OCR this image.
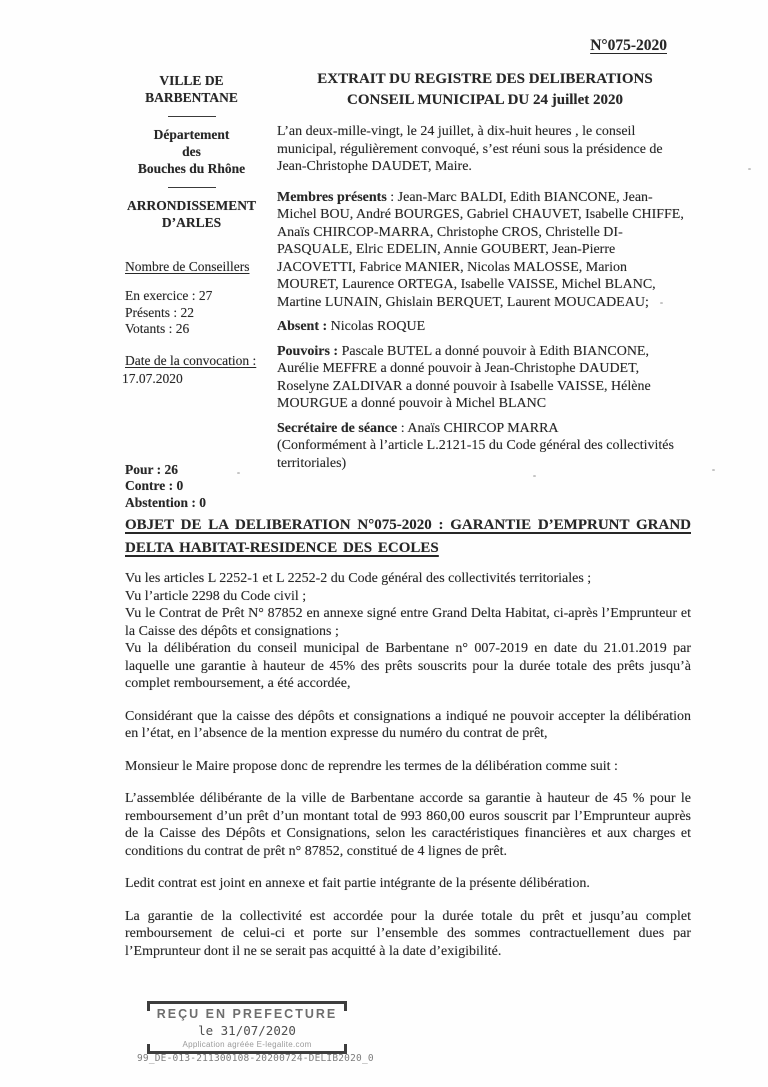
N°075-2020
EXTRAIT DU REGISTRE DES DELIBERATIONS
CONSEIL MUNICIPAL DU 24 juillet 2020
VILLE DE
BARBENTANE
Département
des
Bouches du Rhône
ARRONDISSEMENT
D’ARLES
Nombre de Conseillers
En exercice : 27
Présents : 22
Votants : 26
Date de la convocation :
17.07.2020

L’an deux-mille-vingt, le 24 juillet, à dix-huit heures , le conseil municipal, régulièrement convoqué, s’est réuni sous la présidence de Jean-Christophe DAUDET, Maire.

Membres présents : Jean-Marc BALDI, Edith BIANCONE, Jean-Michel BOU, André BOURGES, Gabriel CHAUVET, Isabelle CHIFFE, Anaïs CHIRCOP-MARRA, Christophe CROS, Christelle DI-PASQUALE, Elric EDELIN, Annie GOUBERT, Jean-Pierre JACOVETTI, Fabrice MANIER, Nicolas MALOSSE, Marion MOURET, Laurence ORTEGA, Isabelle VAISSE, Michel BLANC, Martine LUNAIN, Ghislain BERQUET, Laurent MOUCADEAU;

Absent : Nicolas ROQUE

Pouvoirs : Pascale BUTEL a donné pouvoir à Edith BIANCONE, Aurélie MEFFRE a donné pouvoir à Jean-Christophe DAUDET, Roselyne ZALDIVAR a donné pouvoir à Isabelle VAISSE, Hélène MOURGUE a donné pouvoir à Michel BLANC

Secrétaire de séance : Anaïs CHIRCOP MARRA

(Conformément à l’article L.2121-15 du Code général des collectivités territoriales)

Pour : 26
Contre : 0
Abstention : 0
OBJET DE LA DELIBERATION N°075-2020 : GARANTIE D’EMPRUNT GRAND DELTA HABITAT-RESIDENCE DES ECOLES

Vu les articles L 2252-1 et L 2252-2 du Code général des collectivités territoriales ;

Vu l’article 2298 du Code civil ;

Vu le Contrat de Prêt N° 87852 en annexe signé entre Grand Delta Habitat, ci-après l’Emprunteur et la Caisse des dépôts et consignations ;

Vu la délibération du conseil municipal de Barbentane n° 007-2019 en date du 21.01.2019 par laquelle une garantie à hauteur de 45% des prêts souscrits pour la durée totale des prêts jusqu’à complet remboursement, a été accordée,

Considérant que la caisse des dépôts et consignations a indiqué ne pouvoir accepter la délibération en l’état, en l’absence de la mention expresse du numéro du contrat de prêt,

Monsieur le Maire propose donc de reprendre les termes de la délibération comme suit :

L’assemblée délibérante de la ville de Barbentane accorde sa garantie à hauteur de 45 % pour le remboursement d’un prêt d’un montant total de 993 860,00 euros souscrit par l’Emprunteur auprès de la Caisse des Dépôts et Consignations, selon les caractéristiques financières et aux charges et conditions du contrat de prêt n° 87852, constitué de 4 lignes de prêt.

Ledit contrat est joint en annexe et fait partie intégrante de la présente délibération.

La garantie de la collectivité est accordée pour la durée totale du prêt et jusqu’au complet remboursement de celui-ci et porte sur l’ensemble des sommes contractuellement dues par l’Emprunteur dont il ne se serait pas acquitté à la date d’exigibilité.

REÇU EN PREFECTURE
le 31/07/2020
Application agréée E-legalite.com
99_DE-013-211300108-20200724-DELIB2020_0
